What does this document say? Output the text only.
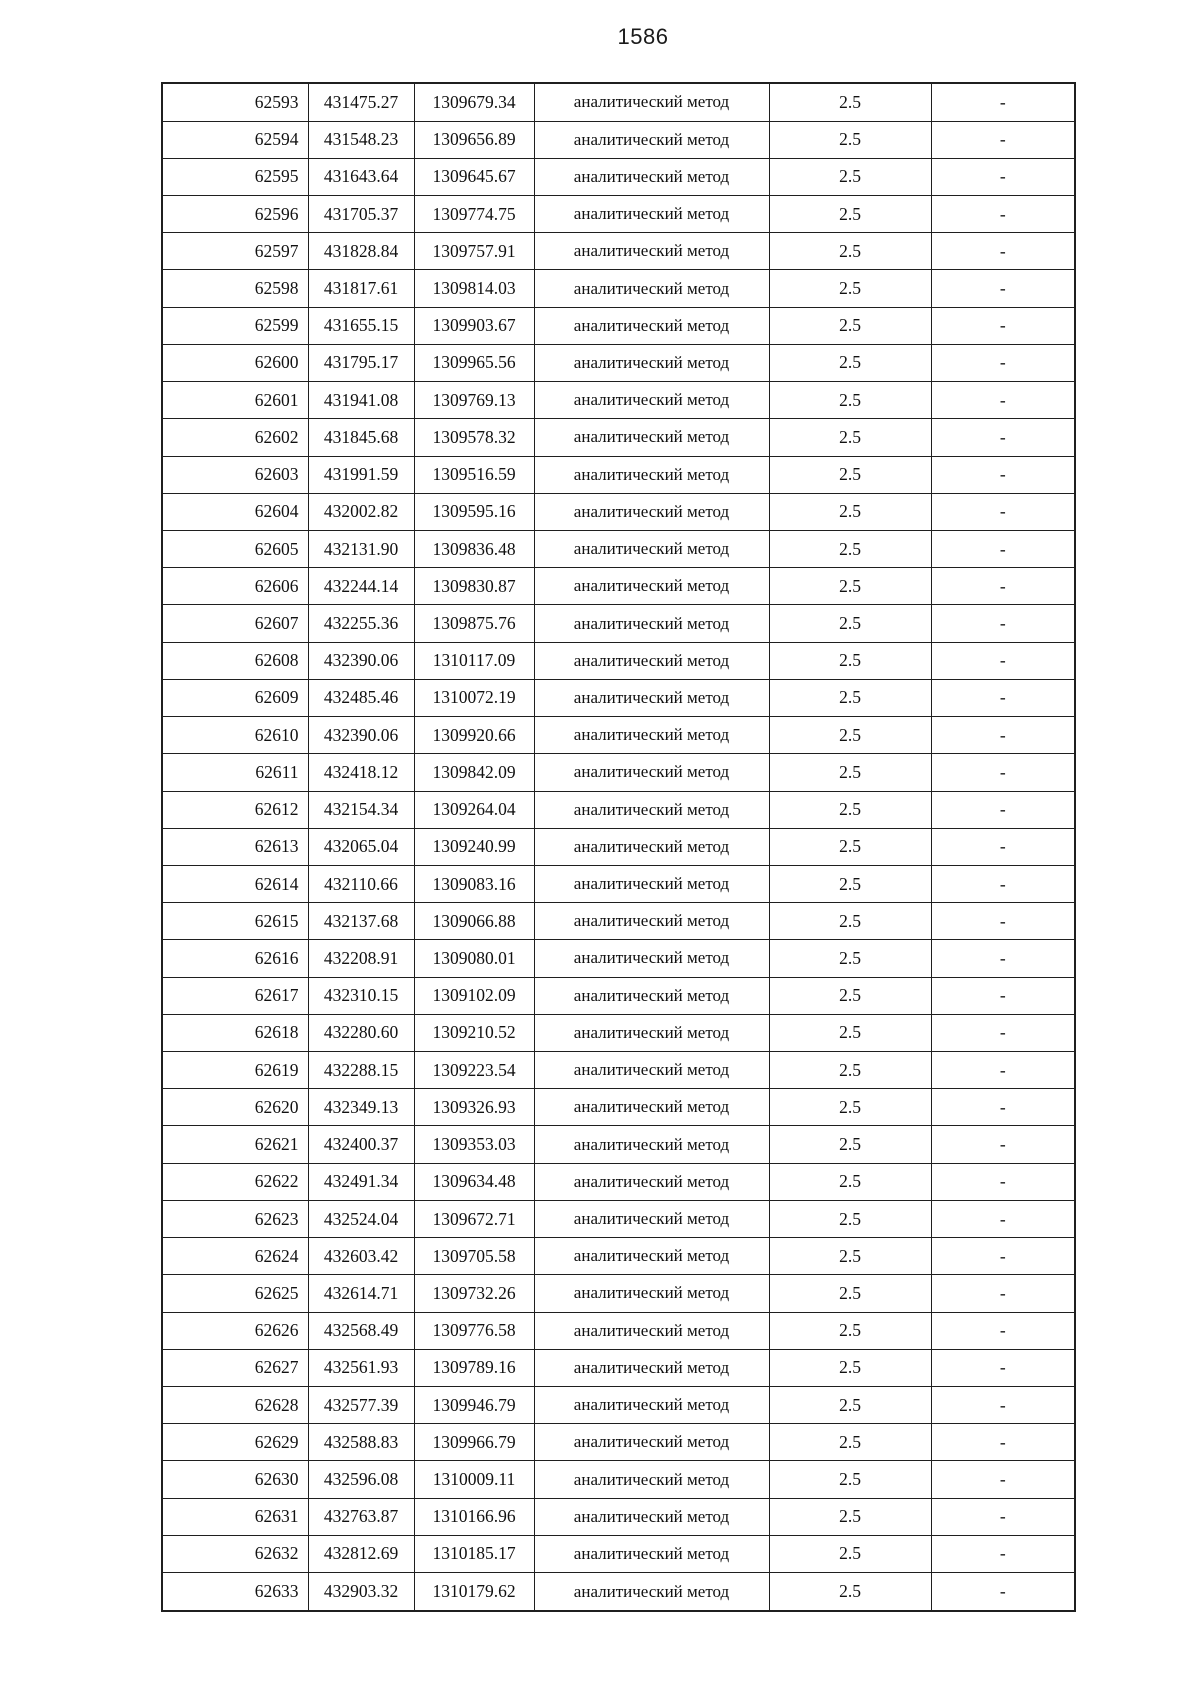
1586
62593	431475.27	1309679.34	аналитический метод	2.5	-
62594	431548.23	1309656.89	аналитический метод	2.5	-
62595	431643.64	1309645.67	аналитический метод	2.5	-
62596	431705.37	1309774.75	аналитический метод	2.5	-
62597	431828.84	1309757.91	аналитический метод	2.5	-
62598	431817.61	1309814.03	аналитический метод	2.5	-
62599	431655.15	1309903.67	аналитический метод	2.5	-
62600	431795.17	1309965.56	аналитический метод	2.5	-
62601	431941.08	1309769.13	аналитический метод	2.5	-
62602	431845.68	1309578.32	аналитический метод	2.5	-
62603	431991.59	1309516.59	аналитический метод	2.5	-
62604	432002.82	1309595.16	аналитический метод	2.5	-
62605	432131.90	1309836.48	аналитический метод	2.5	-
62606	432244.14	1309830.87	аналитический метод	2.5	-
62607	432255.36	1309875.76	аналитический метод	2.5	-
62608	432390.06	1310117.09	аналитический метод	2.5	-
62609	432485.46	1310072.19	аналитический метод	2.5	-
62610	432390.06	1309920.66	аналитический метод	2.5	-
62611	432418.12	1309842.09	аналитический метод	2.5	-
62612	432154.34	1309264.04	аналитический метод	2.5	-
62613	432065.04	1309240.99	аналитический метод	2.5	-
62614	432110.66	1309083.16	аналитический метод	2.5	-
62615	432137.68	1309066.88	аналитический метод	2.5	-
62616	432208.91	1309080.01	аналитический метод	2.5	-
62617	432310.15	1309102.09	аналитический метод	2.5	-
62618	432280.60	1309210.52	аналитический метод	2.5	-
62619	432288.15	1309223.54	аналитический метод	2.5	-
62620	432349.13	1309326.93	аналитический метод	2.5	-
62621	432400.37	1309353.03	аналитический метод	2.5	-
62622	432491.34	1309634.48	аналитический метод	2.5	-
62623	432524.04	1309672.71	аналитический метод	2.5	-
62624	432603.42	1309705.58	аналитический метод	2.5	-
62625	432614.71	1309732.26	аналитический метод	2.5	-
62626	432568.49	1309776.58	аналитический метод	2.5	-
62627	432561.93	1309789.16	аналитический метод	2.5	-
62628	432577.39	1309946.79	аналитический метод	2.5	-
62629	432588.83	1309966.79	аналитический метод	2.5	-
62630	432596.08	1310009.11	аналитический метод	2.5	-
62631	432763.87	1310166.96	аналитический метод	2.5	-
62632	432812.69	1310185.17	аналитический метод	2.5	-
62633	432903.32	1310179.62	аналитический метод	2.5	-
